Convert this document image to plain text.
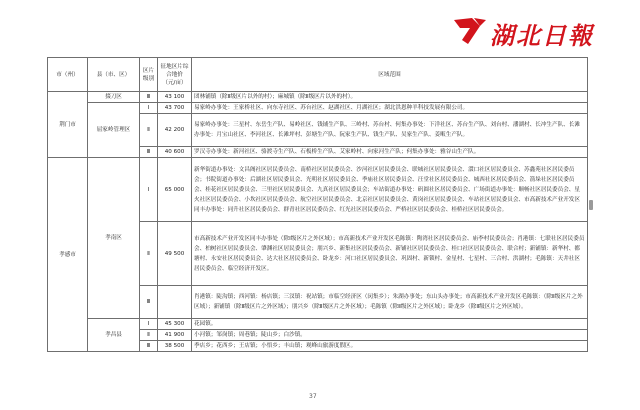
湖北日報
市（州）	县（市、区）	区片级别	征地区片综合地价（元/亩）	区域范围
荆门市	掇刀区	Ⅲ	43 100	团林铺镇（除Ⅱ级区片以外的村）；麻城镇（除Ⅱ级区片以外的村）。
	屈家岭管理区	Ⅰ	43 700	易家岭办事处：王家桥社区、向东寺社区、苏台社区、赵湖社区、月湖社区；湖北洪恩种羊科技发展有限公司。
		Ⅱ	42 200	易家岭办事处：三星村、东岳生产队、易岭社区、钱铺生产队、三岭村、苏台村、何集办事处：下洋社区、苏台生产队、刘台村、潘湖村、长冲生产队、长滩办事处：月宝山社区、李河社区、长滩坪村、彭塘生产队、阮家生产队、钱生产队、吴家生产队、姜畈生产队。
		Ⅲ	40 600	罗汉寺办事处：新河社区、骆渡寺生产队、石板桥生产队、艾家岭村、向家河生产队；何集办事处：雅谷山生产队。
孝感市	孝南区	Ⅰ	65 000	新华街道办事处：文昌阁社区居民委员会、南桥社区居民委员会、沙河社区居民委员会、联城社区居民委员会、澴口社区居民委员会、苏鑫苑社区居民委员会；书院街道办事处：后湖社区居民委员会、光明社区居民委员会、季庙社区居民委员会、汪堂社区居民委员会、城西社区居民委员会、箭垛社区居民委员会、桂花社区居民委员会、三里社区居民委员会、九真社区居民委员会；车站街道办事处：矾圆社区居民委员会、广场街道办事处：顺畅社区居民委员会、星火社区居民委员会、小坎社区居民委员会、航空社区居民委员会、北京社区居民委员会、黄岗社区居民委员会、车站社区居民委员会、市高新技术产业开发区同丰办事处：同升社区居民委员会、群青社区居民委员会、红光社区居民委员会、严桥社区居民委员会、桂桥社区居民委员会。
		Ⅱ	49 500	市高新技术产业开发区同丰办事处（除Ⅰ级区片之外区域）；市高新技术产业开发区毛陈镇：陶湾社区居民委员会、庙李村民委员会；肖港镇：七联社区居民委员会、柏树社区居民委员会、肇渊社区居民委员会；朋兴乡、新集社区居民委员会、新铺社区居民委员会、桂口社区居民委员会、联合村；新铺镇：新华村、都塘村、永安社区居民委员会、达大社区居民委员会、卧龙乡：河口社区居民委员会、巩固村、新锁村、金星村、七星村、三合村、洪湖村；毛陈镇：天井社区居民委员会、临空经济开发区。
		Ⅲ		肖港镇：陡沟镇；西河镇：杨店镇；三汊镇：祝站镇；市临空经济区（闵集乡）；朱湖办事处；东山头办事处；市高新技术产业开发区毛陈镇：（除Ⅱ级区片之外区域）；新铺镇（除Ⅱ级区片之外区域）；朋兴乡（除Ⅱ级区片之外区域）；毛陈镇（除Ⅱ级区片之外区域）；卧龙乡（除Ⅱ级区片之外区域）。
	孝昌县	Ⅰ	45 300	花园镇。
		Ⅱ	41 900	小河镇；邹岗镇；周巷镇；陡山乡；白沙镇。
		Ⅲ	38 500	季店乡；花西乡；王店镇；小悟乡；丰山镇；观峰山旅游度假区。
37
